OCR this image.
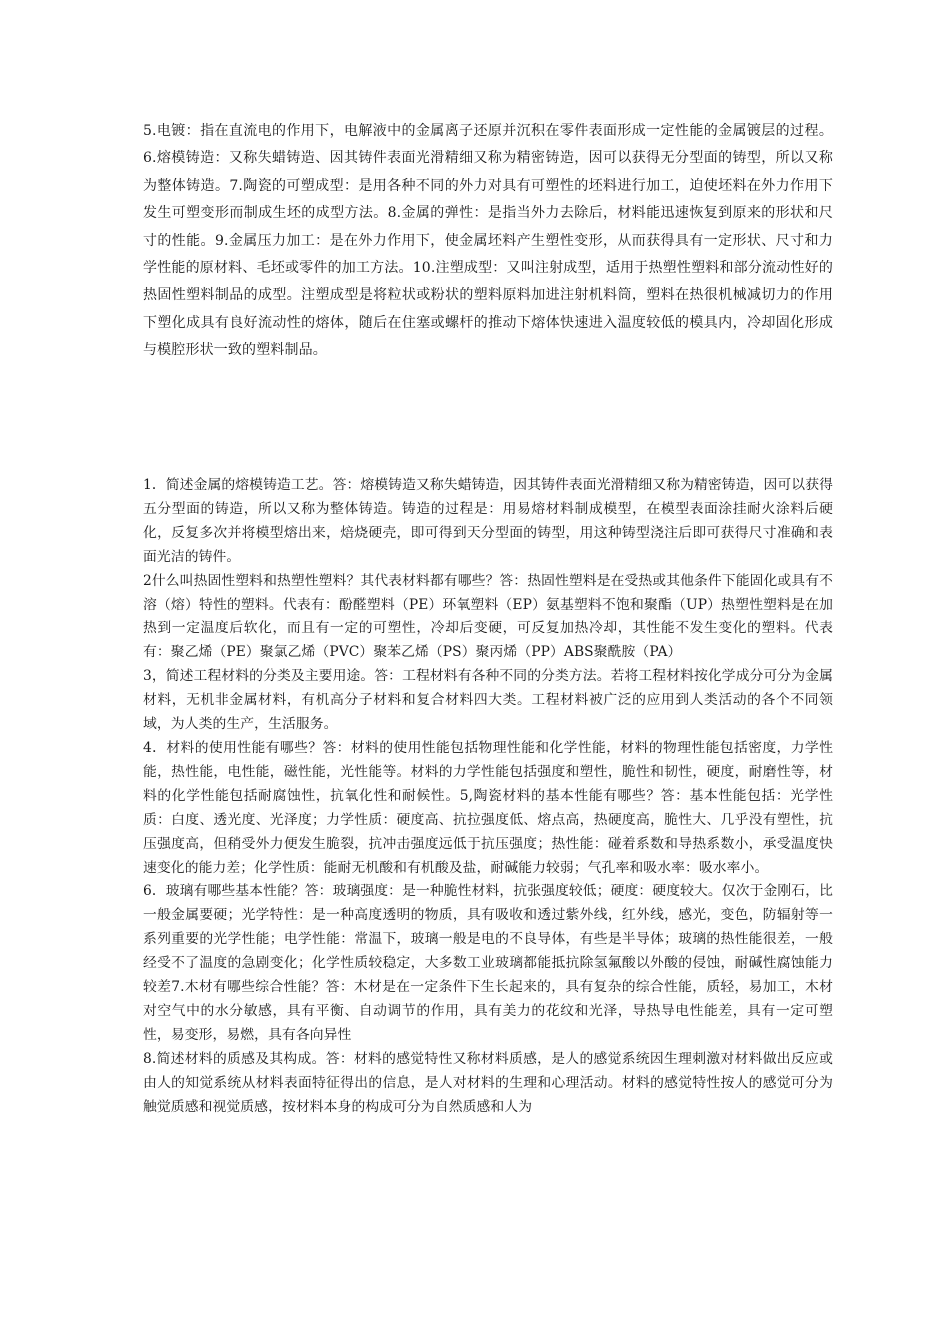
5.电镀：指在直流电的作用下，电解液中的金属离子还原并沉积在零件表面形成一定性能的金属镀层的过程。6.熔模铸造：又称失蜡铸造、因其铸件表面光滑精细又称为精密铸造，因可以获得无分型面的铸型，所以又称为整体铸造。7.陶瓷的可塑成型：是用各种不同的外力对具有可塑性的坯料进行加工，迫使坯料在外力作用下发生可塑变形而制成生坯的成型方法。8.金属的弹性：是指当外力去除后，材料能迅速恢复到原来的形状和尺寸的性能。9.金属压力加工：是在外力作用下，使金属坯料产生塑性变形，从而获得具有一定形状、尺寸和力学性能的原材料、毛坯或零件的加工方法。10.注塑成型：又叫注射成型，适用于热塑性塑料和部分流动性好的热固性塑料制品的成型。注塑成型是将粒状或粉状的塑料原料加进注射机料筒，塑料在热很机械减切力的作用下塑化成具有良好流动性的熔体，随后在住塞或螺杆的推动下熔体快速进入温度较低的模具内，冷却固化形成与模腔形状一致的塑料制品。

1．简述金属的熔模铸造工艺。答：熔模铸造又称失蜡铸造，因其铸件表面光滑精细又称为精密铸造，因可以获得五分型面的铸造，所以又称为整体铸造。铸造的过程是：用易熔材料制成模型，在模型表面涂挂耐火涂料后硬化，反复多次并将模型熔出来，焙烧硬壳，即可得到天分型面的铸型，用这种铸型浇注后即可获得尺寸准确和表面光洁的铸件。

2什么叫热固性塑料和热塑性塑料？其代表材料都有哪些？答：热固性塑料是在受热或其他条件下能固化或具有不溶（熔）特性的塑料。代表有：酚醛塑料（PE）环氧塑料（EP）氨基塑料不饱和聚酯（UP）热塑性塑料是在加热到一定温度后软化，而且有一定的可塑性，冷却后变硬，可反复加热冷却，其性能不发生变化的塑料。代表有：聚乙烯（PE）聚氯乙烯（PVC）聚苯乙烯（PS）聚丙烯（PP）ABS聚酰胺（PA）

3，简述工程材料的分类及主要用途。答：工程材料有各种不同的分类方法。若将工程材料按化学成分可分为金属材料，无机非金属材料，有机高分子材料和复合材料四大类。工程材料被广泛的应用到人类活动的各个不同领域，为人类的生产，生活服务。

4．材料的使用性能有哪些？答：材料的使用性能包括物理性能和化学性能，材料的物理性能包括密度，力学性能，热性能，电性能，磁性能，光性能等。材料的力学性能包括强度和塑性，脆性和韧性，硬度，耐磨性等，材料的化学性能包括耐腐蚀性，抗氧化性和耐候性。5,陶瓷材料的基本性能有哪些？答：基本性能包括：光学性质：白度、透光度、光泽度；力学性质：硬度高、抗拉强度低、熔点高，热硬度高，脆性大、几乎没有塑性，抗压强度高，但稍受外力便发生脆裂，抗冲击强度远低于抗压强度；热性能：碰着系数和导热系数小，承受温度快速变化的能力差；化学性质：能耐无机酸和有机酸及盐，耐碱能力较弱；气孔率和吸水率：吸水率小。

6．玻璃有哪些基本性能？答：玻璃强度：是一种脆性材料，抗张强度较低；硬度：硬度较大。仅次于金刚石，比一般金属要硬；光学特性：是一种高度透明的物质，具有吸收和透过紫外线，红外线，感光，变色，防辐射等一系列重要的光学性能；电学性能：常温下，玻璃一般是电的不良导体，有些是半导体；玻璃的热性能很差，一般经受不了温度的急剧变化；化学性质较稳定，大多数工业玻璃都能抵抗除氢氟酸以外酸的侵蚀，耐碱性腐蚀能力较差7.木材有哪些综合性能？答：木材是在一定条件下生长起来的，具有复杂的综合性能，质轻，易加工，木材对空气中的水分敏感，具有平衡、自动调节的作用，具有美力的花纹和光泽，导热导电性能差，具有一定可塑性，易变形，易燃，具有各向异性

8.简述材料的质感及其构成。答：材料的感觉特性又称材料质感，是人的感觉系统因生理刺激对材料做出反应或由人的知觉系统从材料表面特征得出的信息，是人对材料的生理和心理活动。材料的感觉特性按人的感觉可分为触觉质感和视觉质感，按材料本身的构成可分为自然质感和人为
